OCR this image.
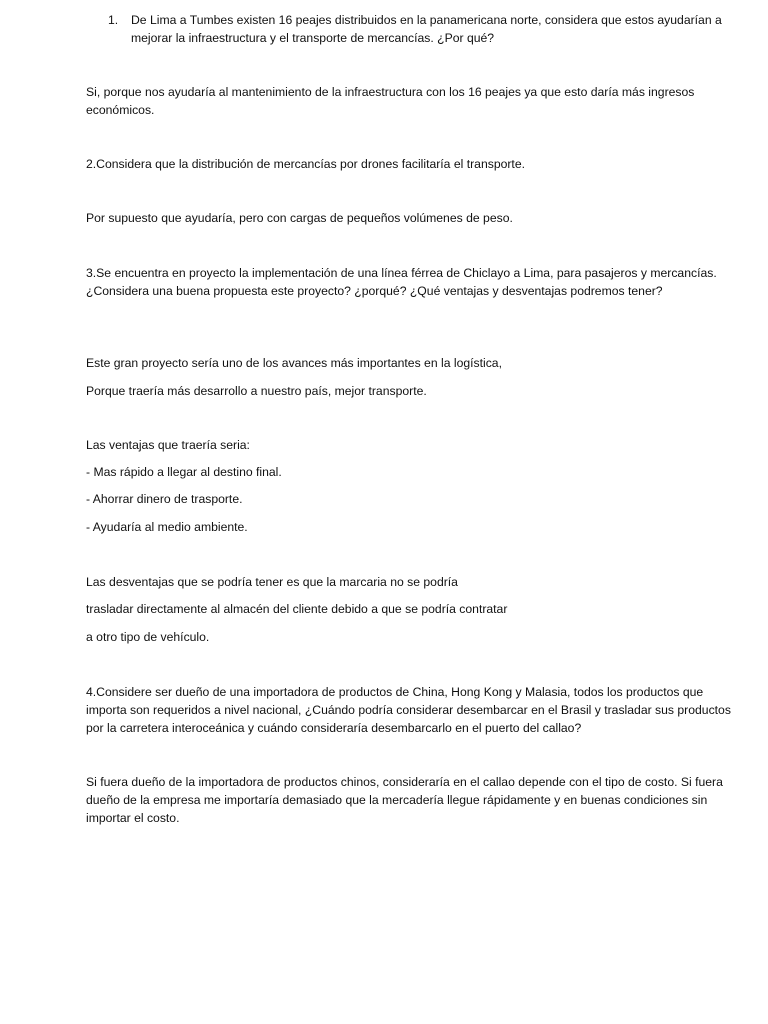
1. De Lima a Tumbes existen 16 peajes distribuidos en la panamericana norte, considera que estos ayudarían a mejorar la infraestructura y el transporte de mercancías. ¿Por qué?

Si, porque nos ayudaría al mantenimiento de la infraestructura con los 16 peajes ya que esto daría más ingresos económicos.

2.Considera que la distribución de mercancías por drones facilitaría el transporte.

Por supuesto que ayudaría, pero con cargas de pequeños volúmenes de peso.

3.Se encuentra en proyecto la implementación de una línea férrea de Chiclayo a Lima, para pasajeros y mercancías. ¿Considera una buena propuesta este proyecto? ¿porqué? ¿Qué ventajas y desventajas podremos tener?

Este gran proyecto sería uno de los avances más importantes en la logística,

Porque traería más desarrollo a nuestro país, mejor transporte.

Las ventajas que traería seria:

- Mas rápido a llegar al destino final.

- Ahorrar dinero de trasporte.

- Ayudaría al medio ambiente.

Las desventajas que se podría tener es que la marcaria no se podría

trasladar directamente al almacén del cliente debido a que se podría contratar

a otro tipo de vehículo.

4.Considere ser dueño de una importadora de productos de China, Hong Kong y Malasia, todos los productos que importa son requeridos a nivel nacional, ¿Cuándo podría considerar desembarcar en el Brasil y trasladar sus productos por la carretera interoceánica y cuándo consideraría desembarcarlo en el puerto del callao?

Si fuera dueño de la importadora de productos chinos, consideraría en el callao depende con el tipo de costo. Si fuera dueño de la empresa me importaría demasiado que la mercadería llegue rápidamente y en buenas condiciones sin importar el costo.
